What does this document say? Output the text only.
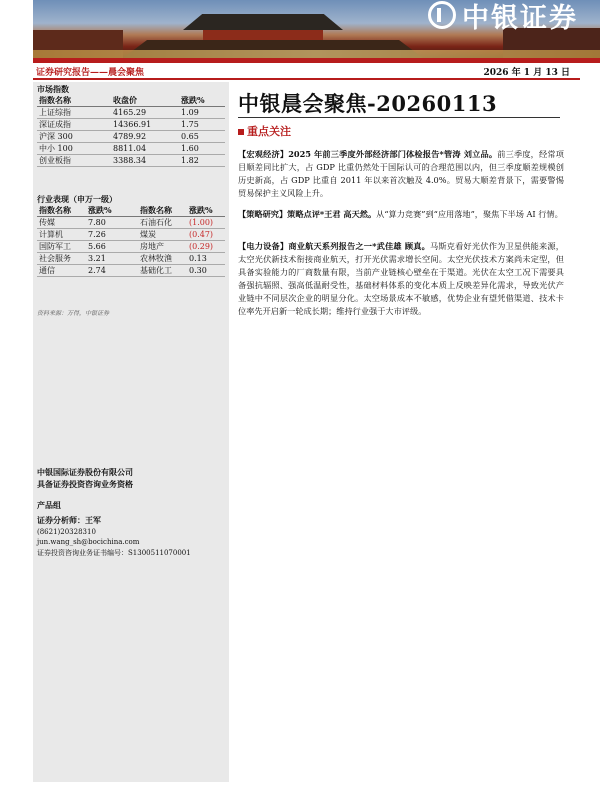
中银证券
证券研究报告——晨会聚焦	2026 年 1 月 13 日
市场指数
指数名称	收盘价	涨跌%
上证综指	4165.29	1.09
深证成指	14366.91	1.75
沪深 300	4789.92	0.65
中小 100	8811.04	1.60
创业板指	3388.34	1.82
行业表现（申万一级）
指数名称	涨跌%	指数名称	涨跌%
传媒	7.80	石油石化	(1.00)
计算机	7.26	煤炭	(0.47)
国防军工	5.66	房地产	(0.29)
社会服务	3.21	农林牧渔	0.13
通信	2.74	基础化工	0.30
资料来源：万得，中银证券
中银国际证券股份有限公司
具备证券投资咨询业务资格
产品组
证券分析师：王军
(8621)20328310
jun.wang_sh@bocichina.com
证券投资咨询业务证书编号：S1300511070001
中银晨会聚焦-20260113
重点关注
【宏观经济】2025 年前三季度外部经济部门体检报告*管涛 刘立品。前三季度，经常项目顺差同比扩大，占 GDP 比重仍然处于国际认可的合理范围以内，但三季度顺差规模创历史新高，占 GDP 比重自 2011 年以来首次触及 4.0%。贸易大顺差背景下，需要警惕贸易保护主义风险上升。
【策略研究】策略点评*王君 高天然。从“算力竞赛”到“应用落地”，聚焦下半场 AI 行情。
【电力设备】商业航天系列报告之一*武佳雄 顾真。马斯克看好光伏作为卫星供能来源，太空光伏新技术衔接商业航天，打开光伏需求增长空间。太空光伏技术方案尚未定型，但具备实验能力的厂商数量有限，当前产业链核心壁垒在于渠道。光伏在太空工况下需要具备强抗辐照、强高低温耐受性，基础材料体系的变化本质上反映差异化需求，导致光伏产业链中不同层次企业的明显分化。太空场景成本不敏感，优势企业有望凭借渠道、技术卡位率先开启新一轮成长期；维持行业强于大市评级。
